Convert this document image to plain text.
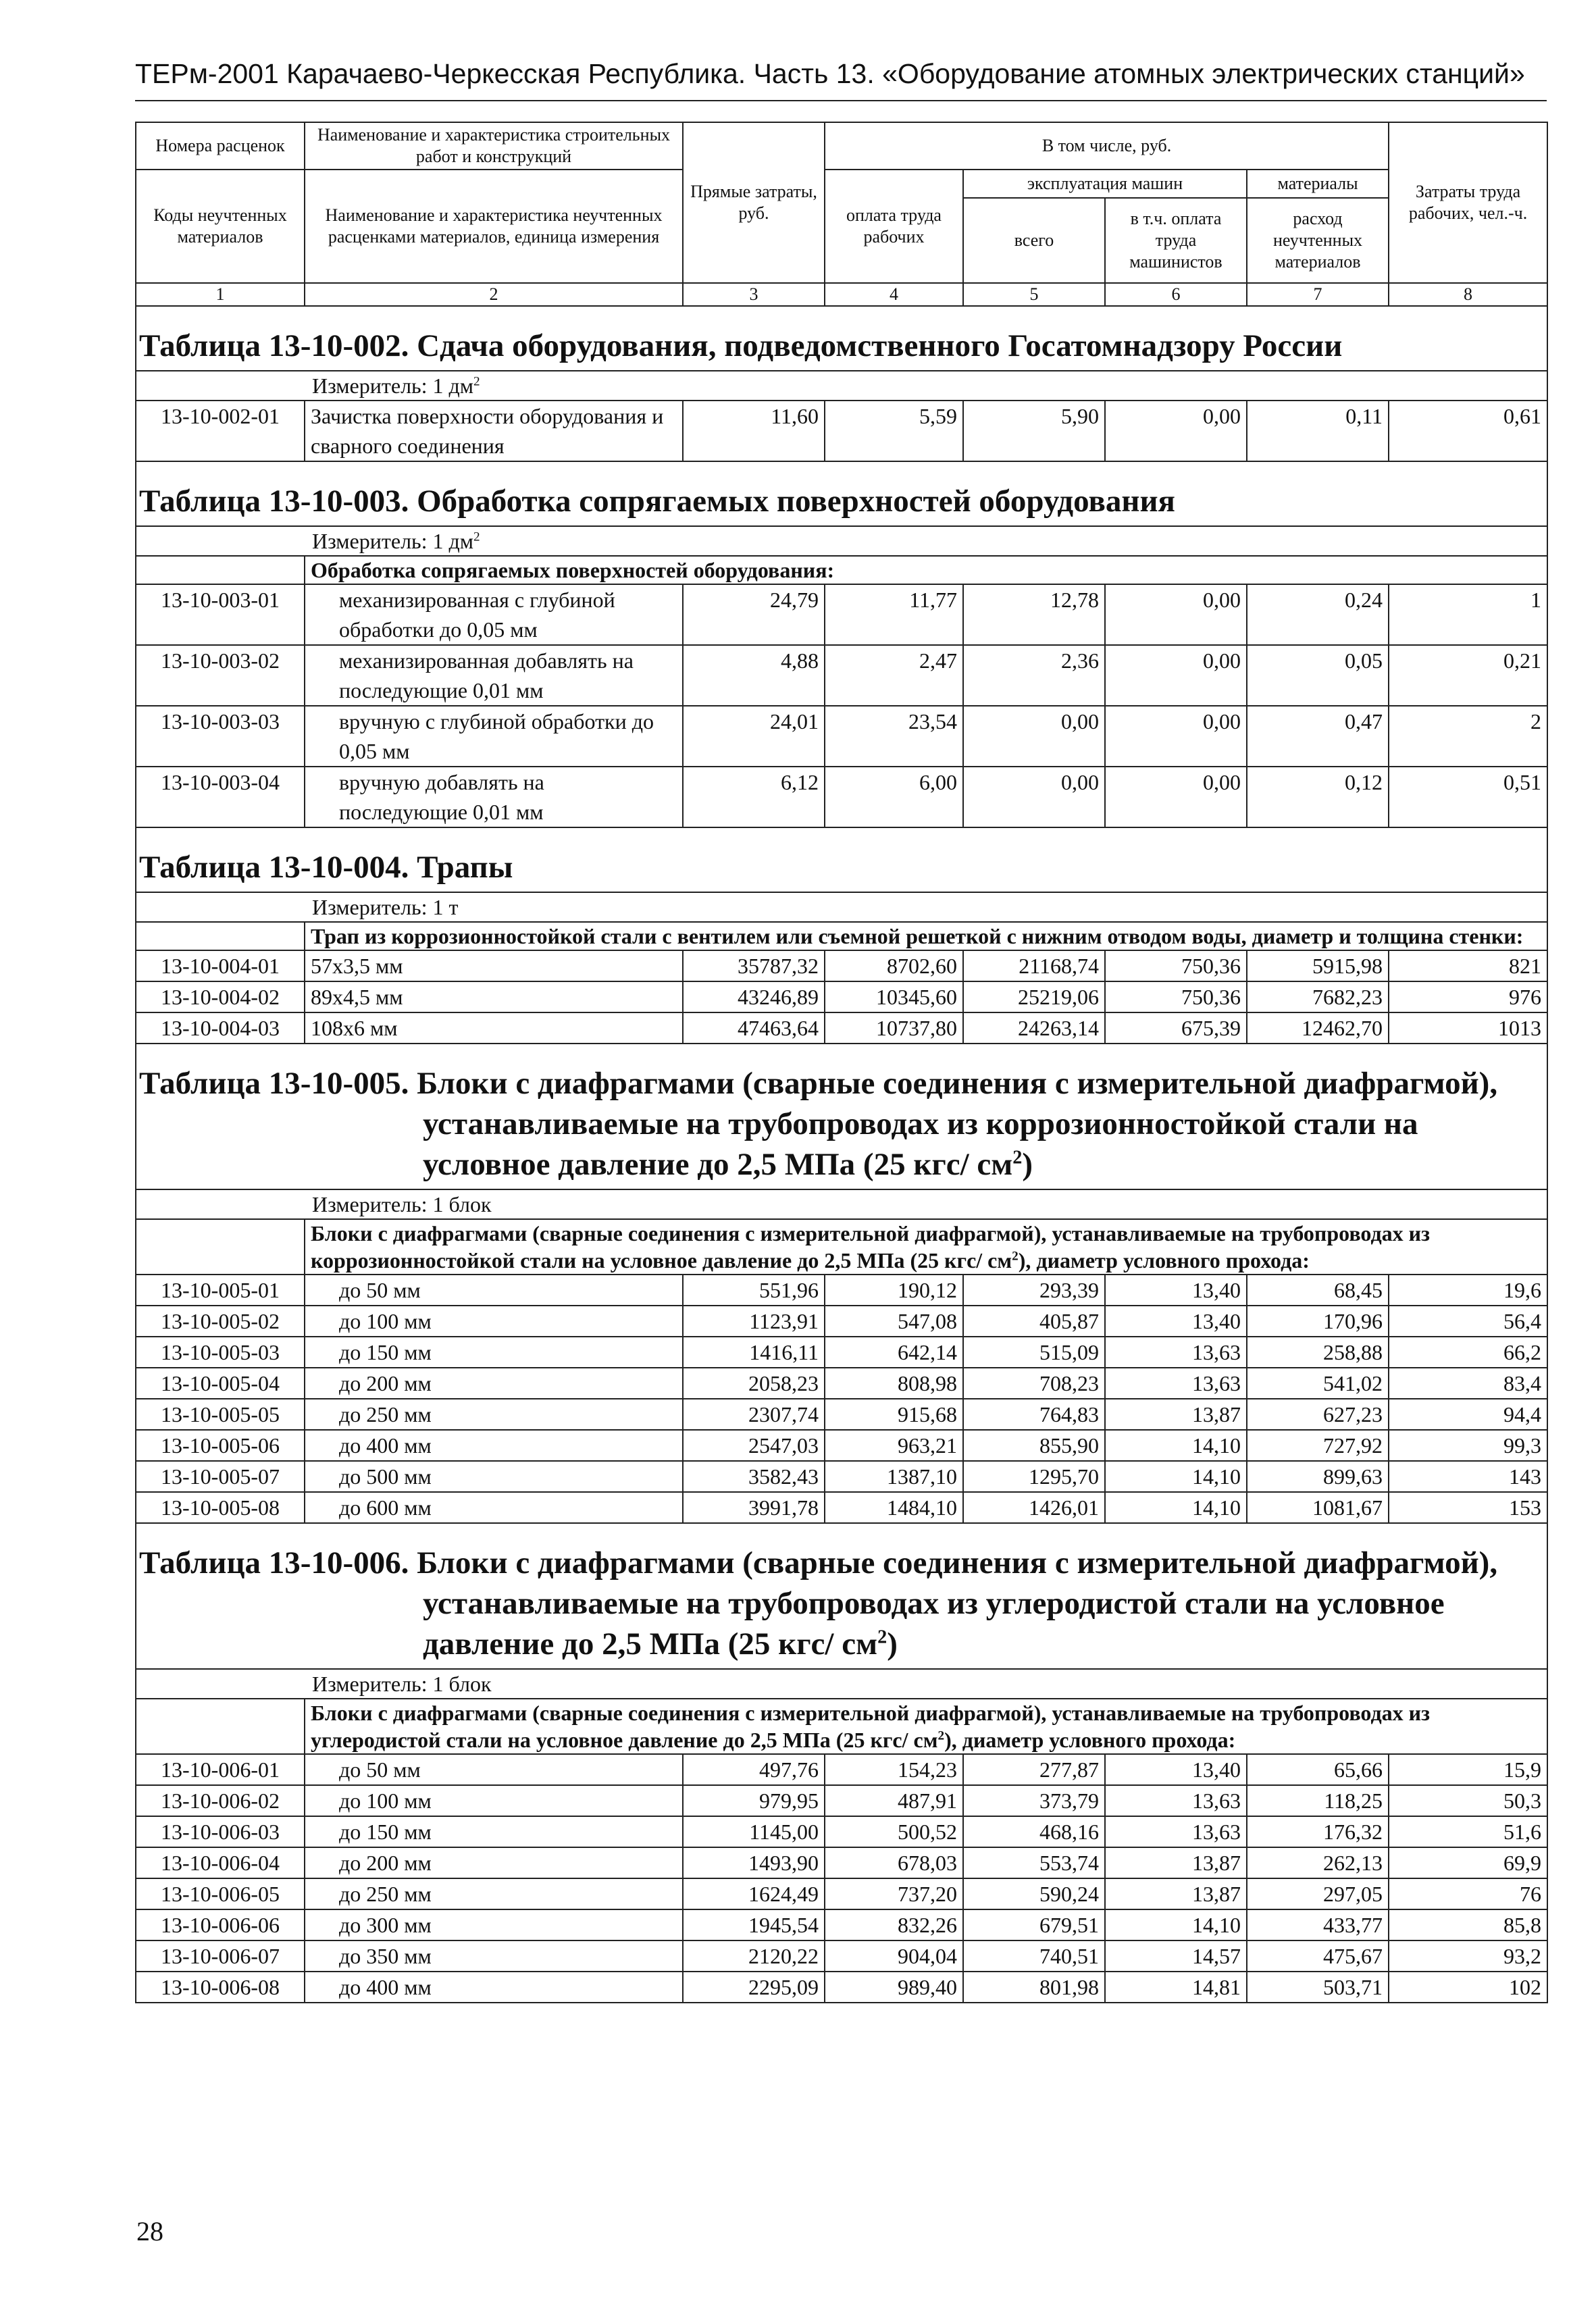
ТЕРм-2001 Карачаево-Черкесская Республика. Часть 13. «Оборудование атомных электрических станций»
Номера расценок	Наименование и характеристика строительных работ и конструкций	Прямые затраты, руб.	В том числе, руб.				Затраты труда рабочих, чел.-ч.
Коды неучтенных материалов	Наименование и характеристика неучтенных расценками материалов, единица измерения		оплата труда рабочих	эксплуатация машин		материалы	
				всего	в т.ч. оплата труда машинистов	расход неучтенных материалов	
1	2	3	4	5	6	7	8

Таблица 13-10-002. Сдача оборудования, подведомственного Госатомнадзору России							

Измеритель: 1 $дм^2$
13-10-002-01	Зачистка поверхности оборудования и сварного соединения	11,60	5,59	5,90	0,00	0,11	0,61

Таблица 13-10-003. Обработка сопрягаемых поверхностей оборудования							

Измеритель: 1 $дм^2$
	Обработка сопрягаемых поверхностей оборудования:						
13-10-003-01	механизированная с глубиной обработки до 0,05 мм	24,79	11,77	12,78	0,00	0,24	1
13-10-003-02	механизированная добавлять на последующие 0,01 мм	4,88	2,47	2,36	0,00	0,05	0,21
13-10-003-03	вручную с глубиной обработки до 0,05 мм	24,01	23,54	0,00	0,00	0,47	2
13-10-003-04	вручную добавлять на последующие 0,01 мм	6,12	6,00	0,00	0,00	0,12	0,51

Таблица 13-10-004. Трапы							

Измеритель: 1 т							
	Трап из коррозионностойкой стали с вентилем или съемной решеткой с нижним отводом воды, диаметр и толщина стенки:						
13-10-004-01	57x3,5 мм	35787,32	8702,60	21168,74	750,36	5915,98	821
13-10-004-02	89x4,5 мм	43246,89	10345,60	25219,06	750,36	7682,23	976
13-10-004-03	108x6 мм	47463,64	10737,80	24263,14	675,39	12462,70	1013

Таблица 13-10-005. Блоки с диафрагмами (сварные соединения с измерительной диафрагмой), устанавливаемые на трубопроводах из коррозионностойкой стали на условное давление до 2,5 МПа (25 кгс/ $см^2$)							

Измеритель: 1 блок							
	Блоки с диафрагмами (сварные соединения с измерительной диафрагмой), устанавливаемые на трубопроводах из коррозионностойкой стали на условное давление до 2,5 МПа (25 кгс/ $см^2$), диаметр условного прохода:						
13-10-005-01	до 50 мм	551,96	190,12	293,39	13,40	68,45	19,6
13-10-005-02	до 100 мм	1123,91	547,08	405,87	13,40	170,96	56,4
13-10-005-03	до 150 мм	1416,11	642,14	515,09	13,63	258,88	66,2
13-10-005-04	до 200 мм	2058,23	808,98	708,23	13,63	541,02	83,4
13-10-005-05	до 250 мм	2307,74	915,68	764,83	13,87	627,23	94,4
13-10-005-06	до 400 мм	2547,03	963,21	855,90	14,10	727,92	99,3
13-10-005-07	до 500 мм	3582,43	1387,10	1295,70	14,10	899,63	143
13-10-005-08	до 600 мм	3991,78	1484,10	1426,01	14,10	1081,67	153

Таблица 13-10-006. Блоки с диафрагмами (сварные соединения с измерительной диафрагмой), устанавливаемые на трубопроводах из углеродистой стали на условное давление до 2,5 МПа (25 кгс/ $см^2$)							

Измеритель: 1 блок							
	Блоки с диафрагмами (сварные соединения с измерительной диафрагмой), устанавливаемые на трубопроводах из углеродистой стали на условное давление до 2,5 МПа (25 кгс/ $см^2$), диаметр условного прохода:						
13-10-006-01	до 50 мм	497,76	154,23	277,87	13,40	65,66	15,9
13-10-006-02	до 100 мм	979,95	487,91	373,79	13,63	118,25	50,3
13-10-006-03	до 150 мм	1145,00	500,52	468,16	13,63	176,32	51,6
13-10-006-04	до 200 мм	1493,90	678,03	553,74	13,87	262,13	69,9
13-10-006-05	до 250 мм	1624,49	737,20	590,24	13,87	297,05	76
13-10-006-06	до 300 мм	1945,54	832,26	679,51	14,10	433,77	85,8
13-10-006-07	до 350 мм	2120,22	904,04	740,51	14,57	475,67	93,2
13-10-006-08	до 400 мм	2295,09	989,40	801,98	14,81	503,71	102
28
